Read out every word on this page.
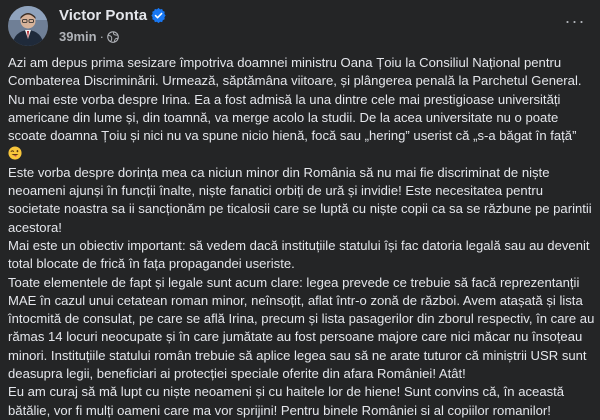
Victor Ponta
39min ·
···

Azi am depus prima sesizare împotriva doamnei ministru Oana Țoiu la Consiliul Național pentru Combaterea Discriminării. Urmează, săptămâna viitoare, și plângerea penală la Parchetul General. Nu mai este vorba despre Irina. Ea a fost admisă la una dintre cele mai prestigioase universități americane din lume și, din toamnă, va merge acolo la studii. De la acea universitate nu o poate scoate doamna Țoiu și nici nu va spune nicio hienă, focă sau „hering” userist că „s-a băgat în față”

Este vorba despre dorința mea ca niciun minor din România să nu mai fie discriminat de niște neoameni ajunși în funcții înalte, niște fanatici orbiți de ură și invidie! Este necesitatea pentru societate noastra sa ii sancționăm pe ticalosii care se luptă cu niște copii ca sa se răzbune pe parintii acestora!

Mai este un obiectiv important: să vedem dacă instituțiile statului își fac datoria legală sau au devenit total blocate de frică în fața propagandei useriste.

Toate elementele de fapt și legale sunt acum clare: legea prevede ce trebuie să facă reprezentanții MAE în cazul unui cetatean roman minor, neînsoțit, aflat într-o zonă de război. Avem atașată și lista întocmită de consulat, pe care se află Irina, precum și lista pasagerilor din zborul respectiv, în care au rămas 14 locuri neocupate și în care jumătate au fost persoane majore care nici măcar nu însoțeau minori. Instituțiile statului român trebuie să aplice legea sau să ne arate tuturor că miniștrii USR sunt deasupra legii, beneficiari ai protecției speciale oferite din afara României! Atât!

Eu am curaj să mă lupt cu niște neoameni și cu haitele lor de hiene! Sunt convins că, în această bătălie, vor fi mulți oameni care ma vor sprijini! Pentru binele României si al copiilor romanilor!
